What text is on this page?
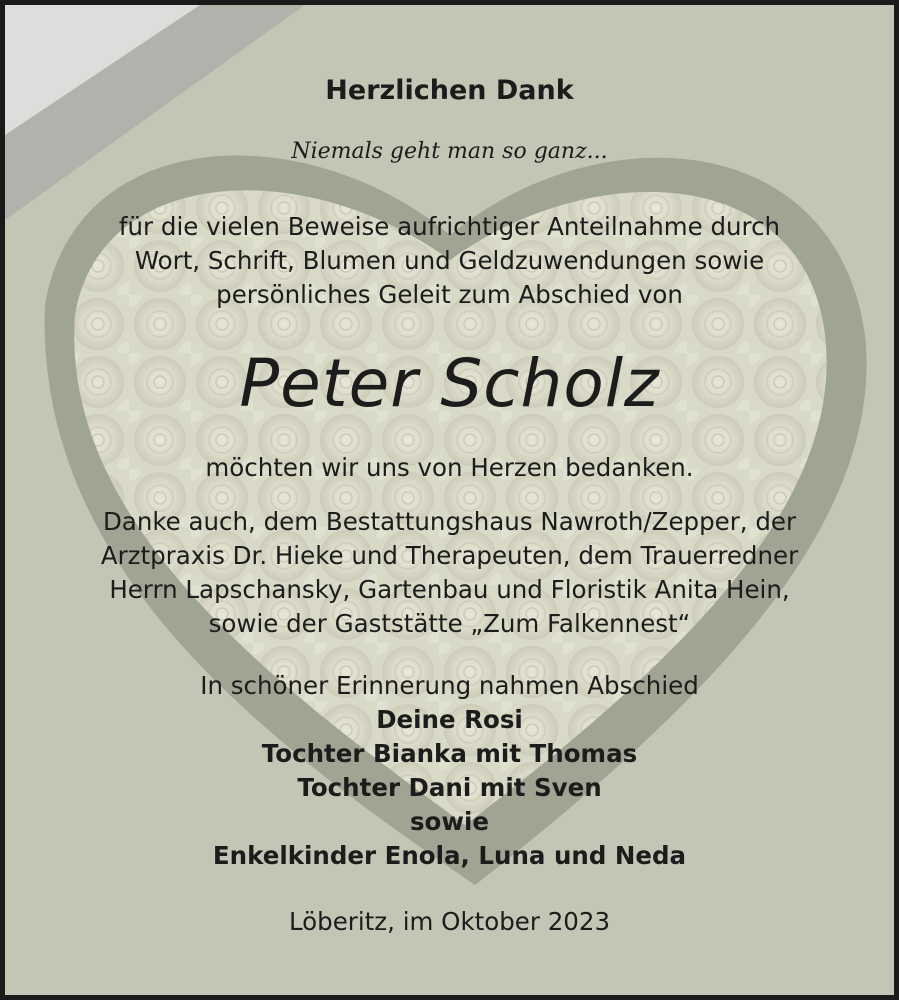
Herzlichen Dank
Niemals geht man so ganz...
für die vielen Beweise aufrichtiger Anteilnahme durch
Wort, Schrift, Blumen und Geldzuwendungen sowie
persönliches Geleit zum Abschied von
Peter Scholz
möchten wir uns von Herzen bedanken.
Danke auch, dem Bestattungshaus Nawroth/Zepper, der
Arztpraxis Dr. Hieke und Therapeuten, dem Trauerredner
Herrn Lapschansky, Gartenbau und Floristik Anita Hein,
sowie der Gaststätte „Zum Falkennest“
In schöner Erinnerung nahmen Abschied
Deine Rosi
Tochter Bianka mit Thomas
Tochter Dani mit Sven
sowie
Enkelkinder Enola, Luna und Neda
Löberitz, im Oktober 2023
